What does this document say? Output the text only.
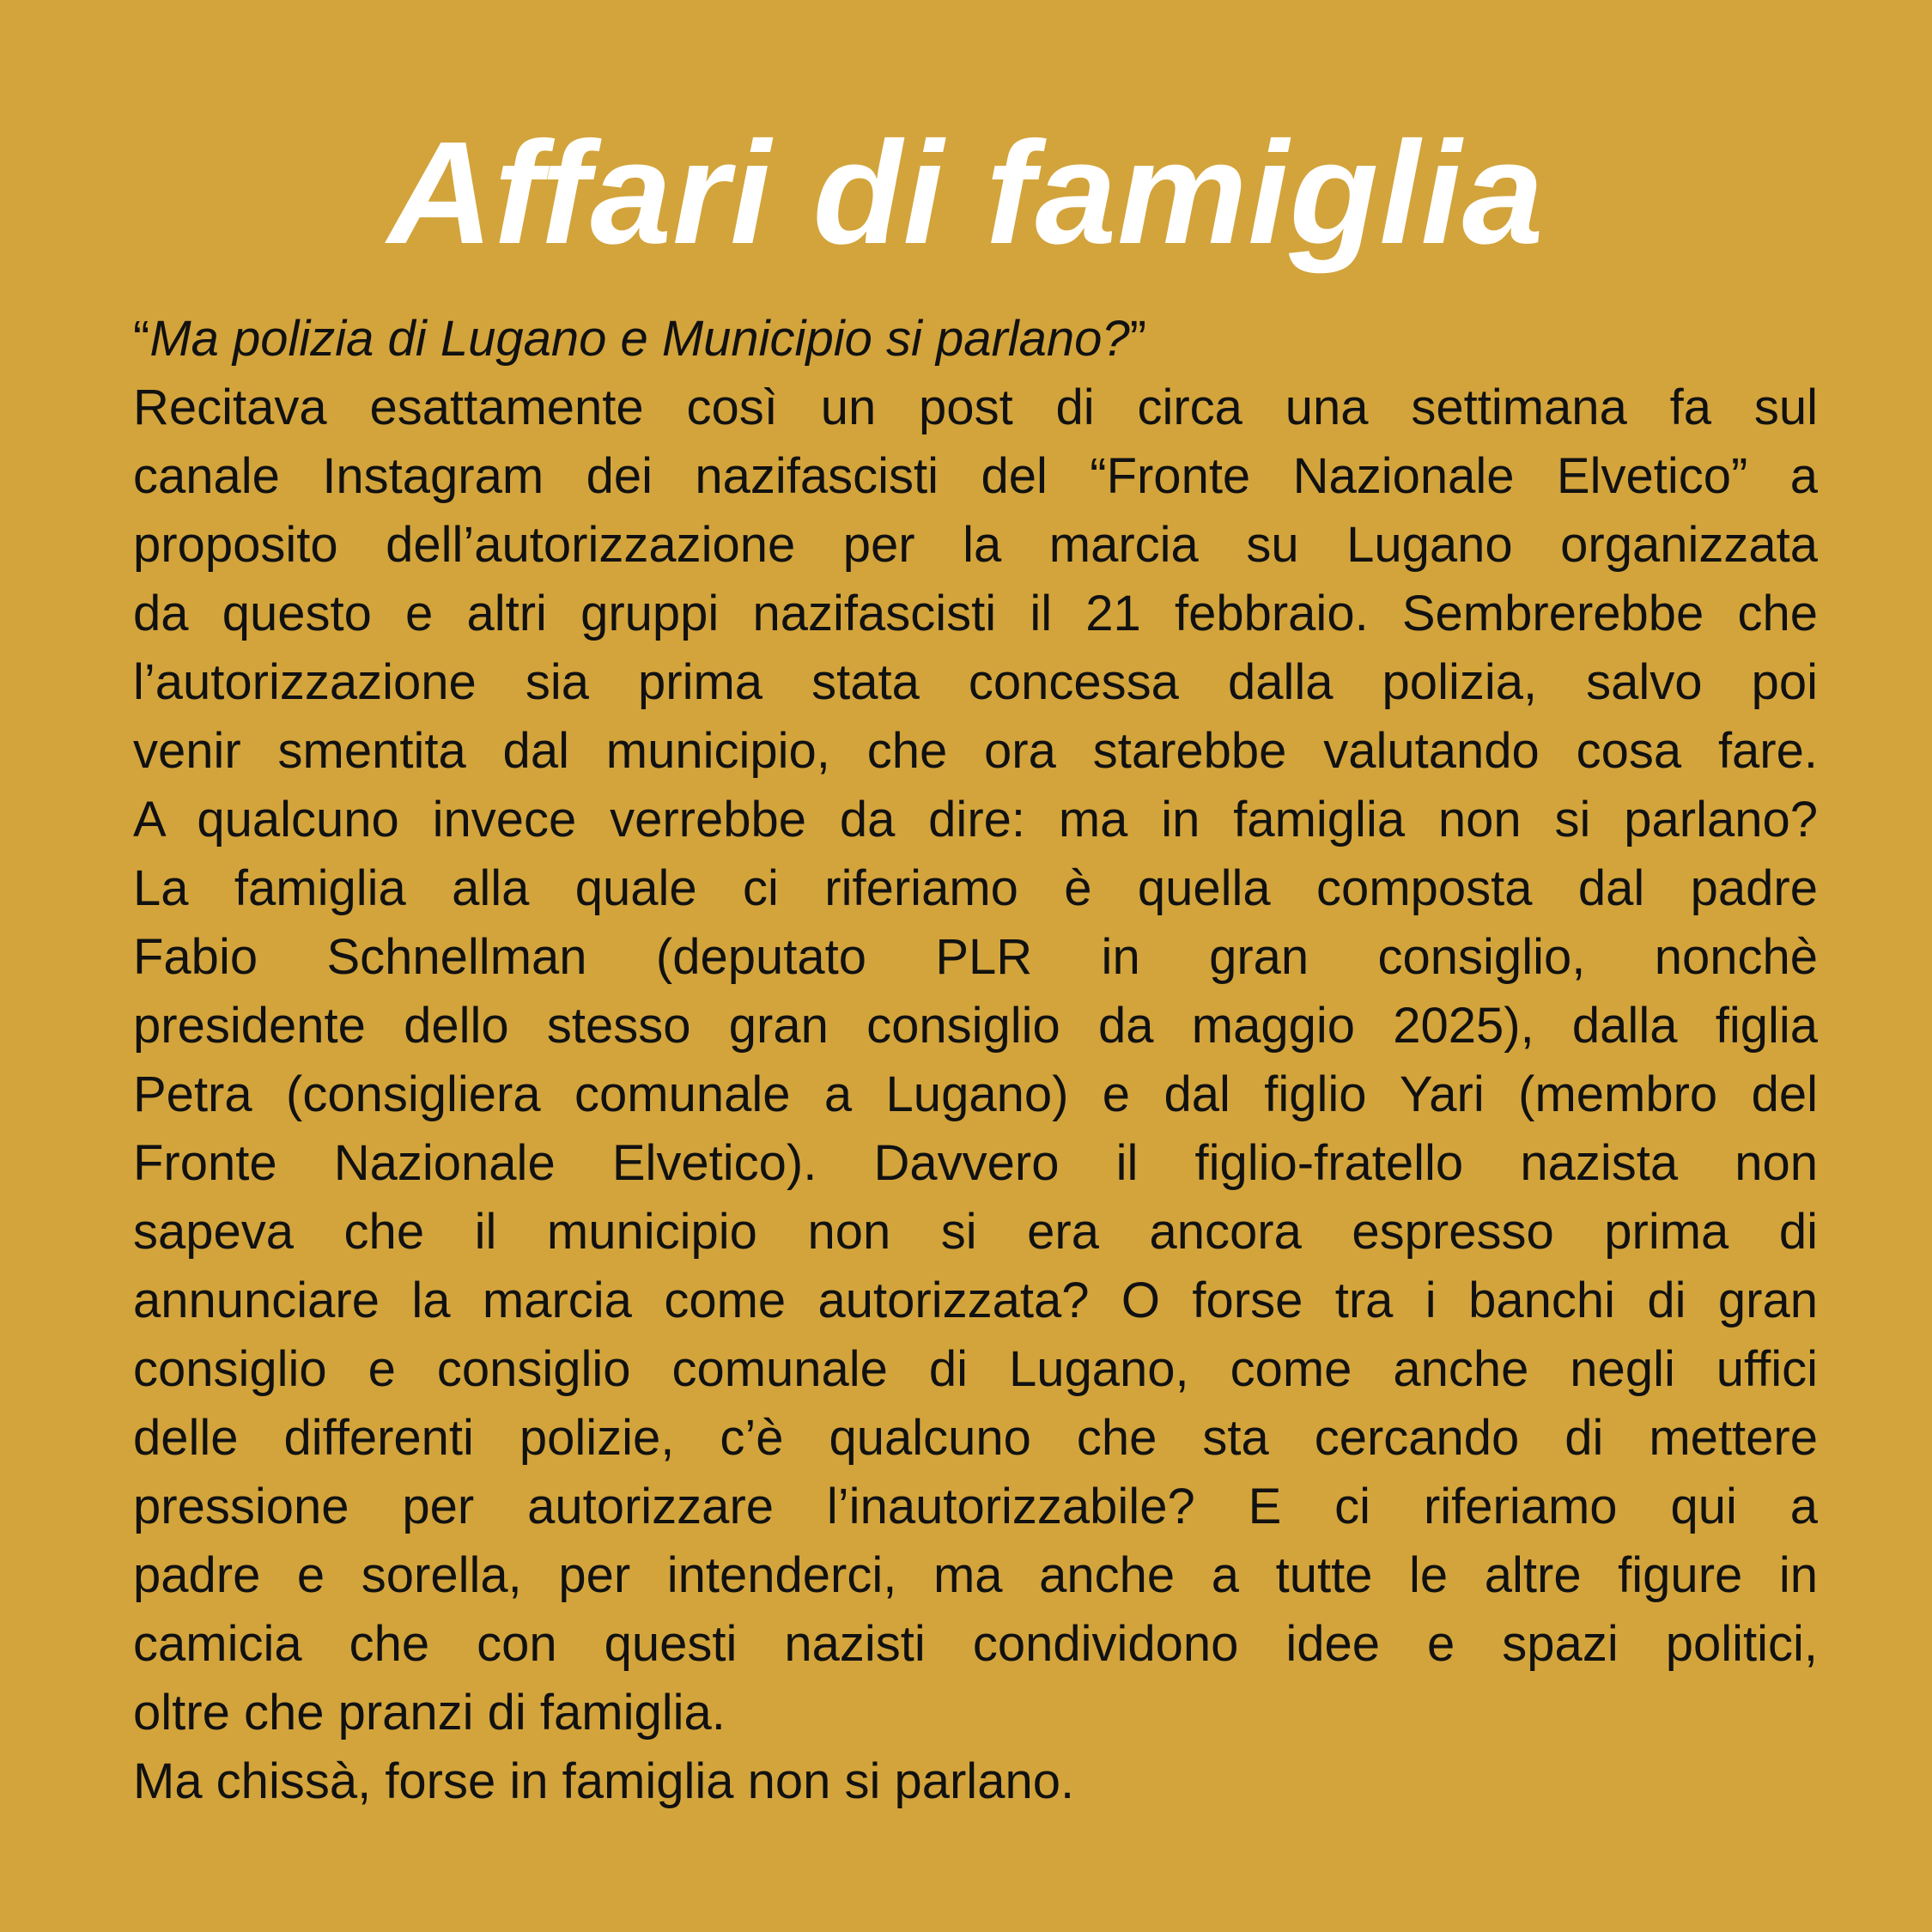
Affari di famiglia
“Ma polizia di Lugano e Municipio si parlano?”
Recitava esattamente così un post di circa una settimana fa sul
canale Instagram dei nazifascisti del “Fronte Nazionale Elvetico” a
proposito dell’autorizzazione per la marcia su Lugano organizzata
da questo e altri gruppi nazifascisti il 21 febbraio. Sembrerebbe che
l’autorizzazione sia prima stata concessa dalla polizia, salvo poi
venir smentita dal municipio, che ora starebbe valutando cosa fare.
A qualcuno invece verrebbe da dire: ma in famiglia non si parlano?
La famiglia alla quale ci riferiamo è quella composta dal padre
Fabio Schnellman (deputato PLR in gran consiglio, nonchè
presidente dello stesso gran consiglio da maggio 2025), dalla figlia
Petra (consigliera comunale a Lugano) e dal figlio Yari (membro del
Fronte Nazionale Elvetico). Davvero il figlio-fratello nazista non
sapeva che il municipio non si era ancora espresso prima di
annunciare la marcia come autorizzata? O forse tra i banchi di gran
consiglio e consiglio comunale di Lugano, come anche negli uffici
delle differenti polizie, c’è qualcuno che sta cercando di mettere
pressione per autorizzare l’inautorizzabile? E ci riferiamo qui a
padre e sorella, per intenderci, ma anche a tutte le altre figure in
camicia che con questi nazisti condividono idee e spazi politici,
oltre che pranzi di famiglia.
Ma chissà, forse in famiglia non si parlano.
